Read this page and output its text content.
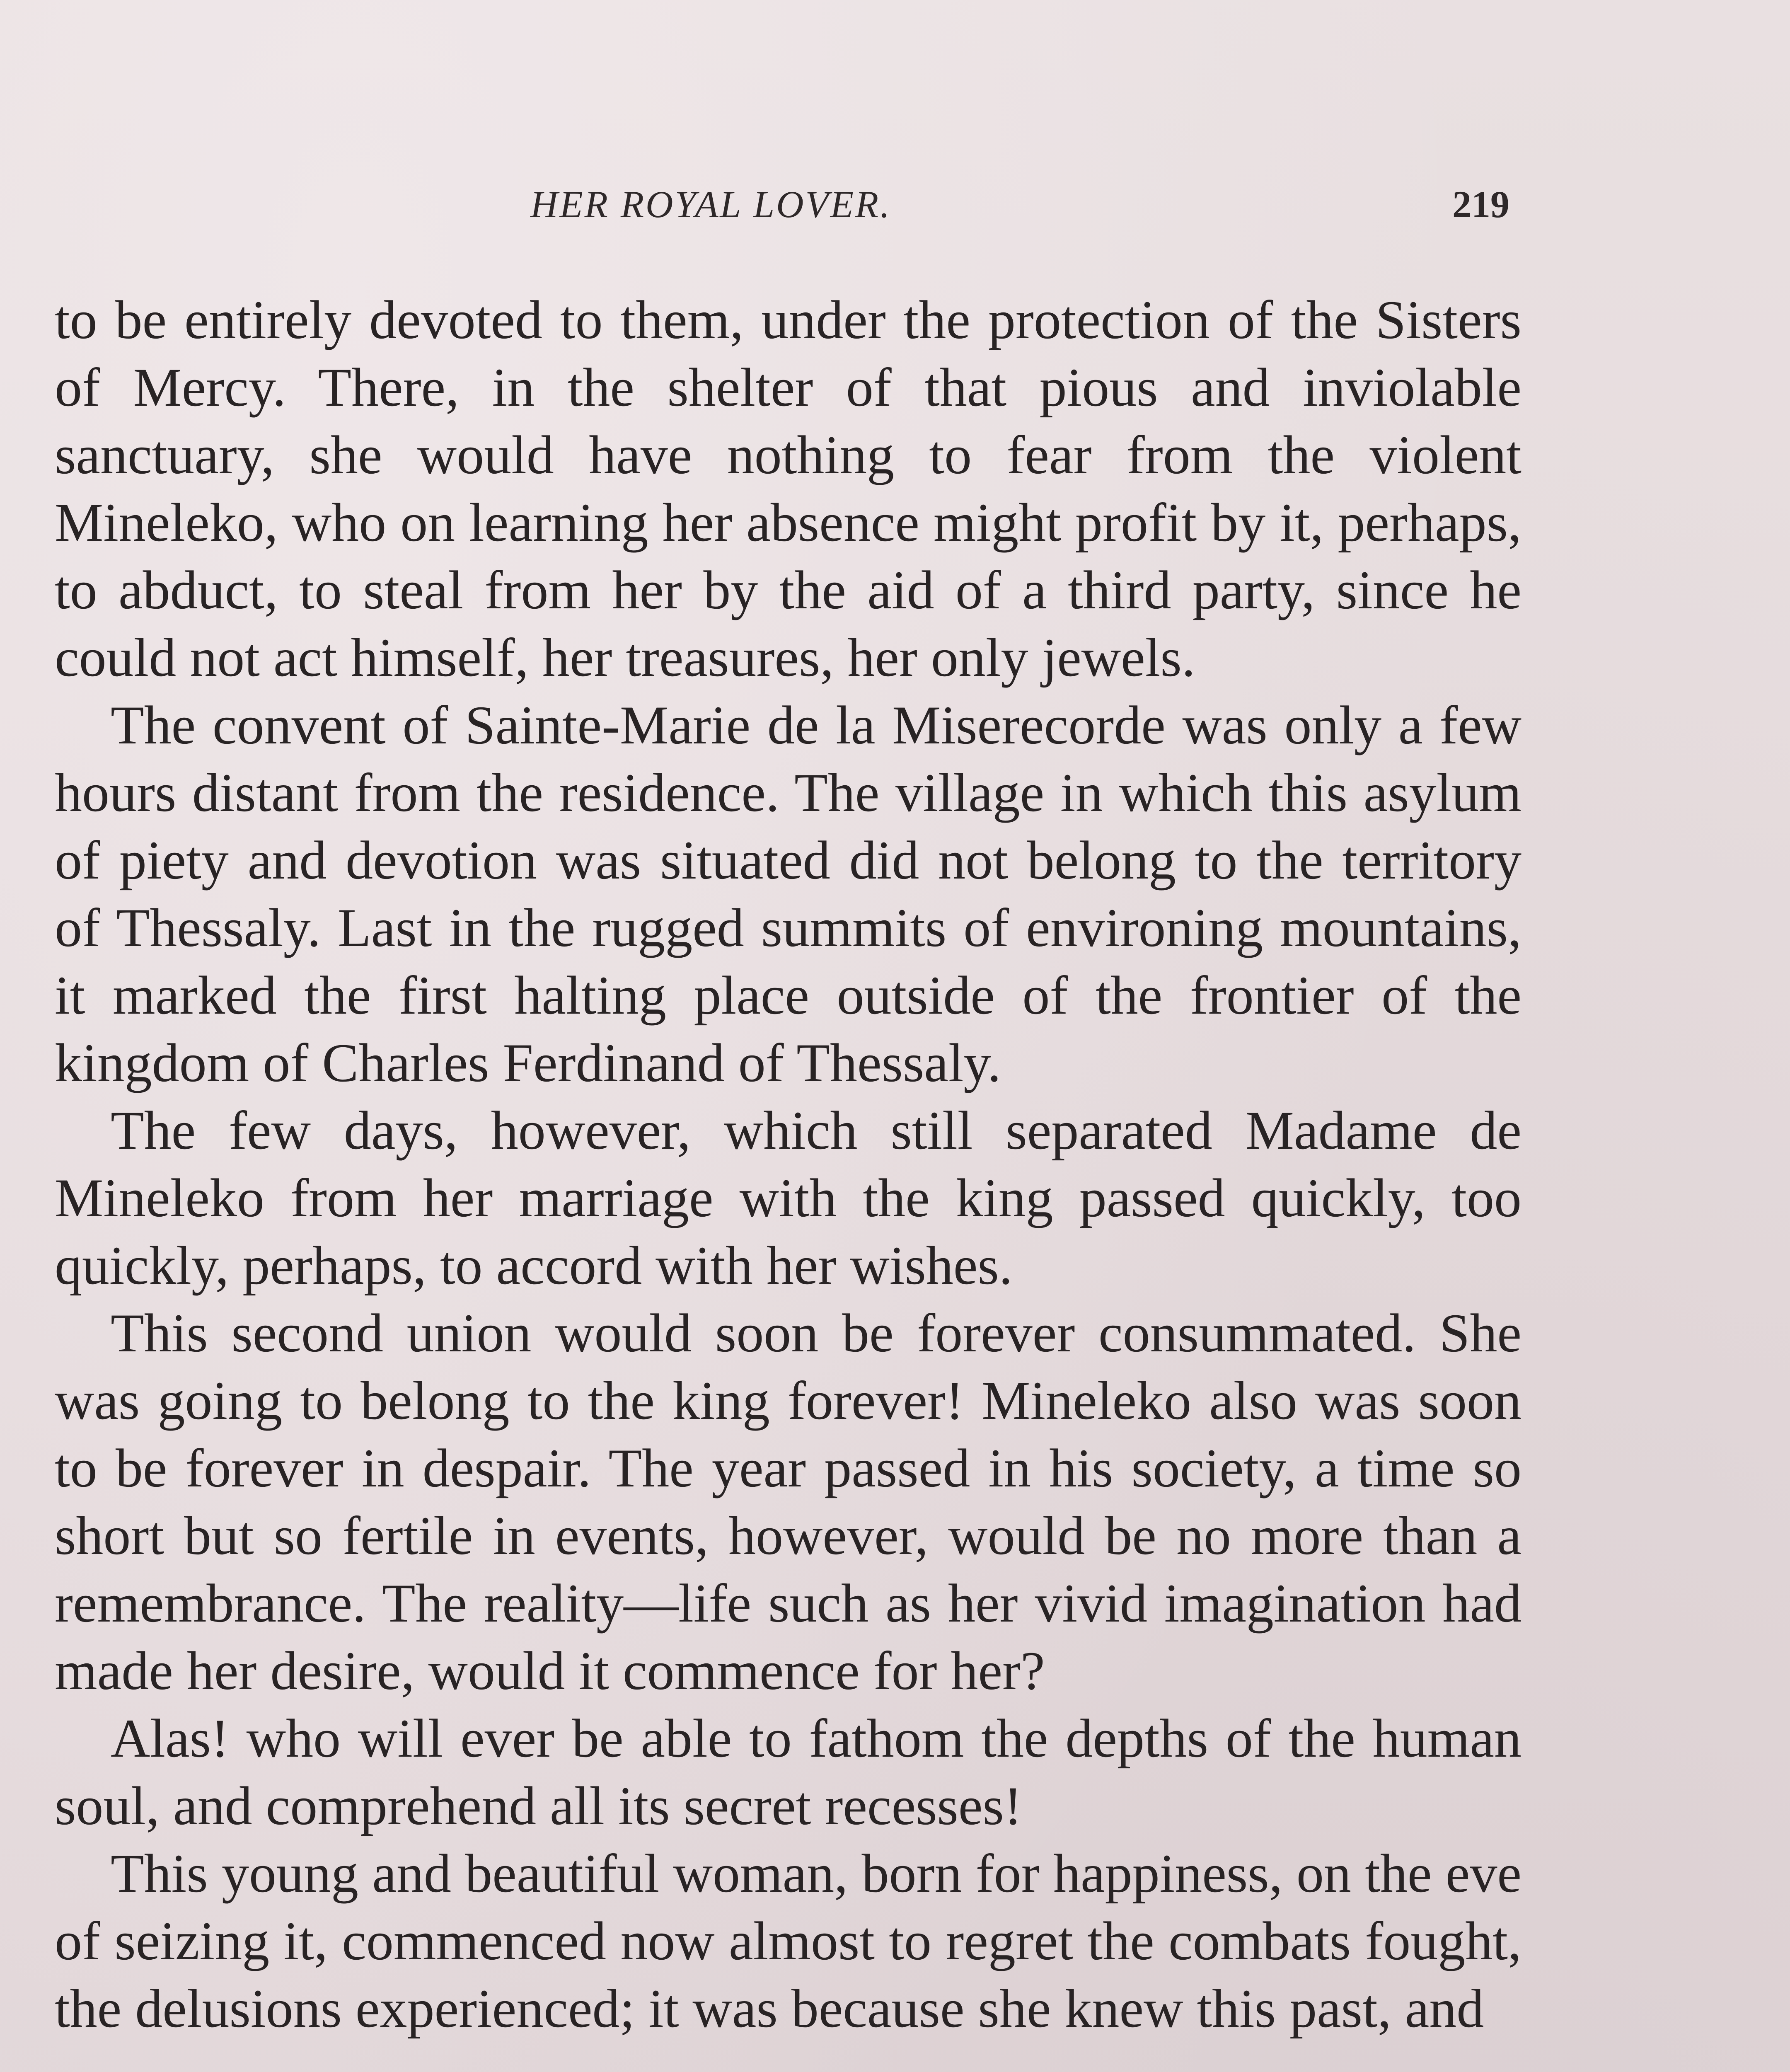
HER ROYAL LOVER.	219

to be entirely devoted to them, under the protection of the Sisters of Mercy. There, in the shelter of that pious and inviolable sanctuary, she would have nothing to fear from the violent Mineleko, who on learning her absence might profit by it, perhaps, to abduct, to steal from her by the aid of a third party, since he could not act himself, her treasures, her only jewels.

The convent of Sainte-Marie de la Miserecorde was only a few hours distant from the residence. The village in which this asylum of piety and devotion was situated did not belong to the territory of Thessaly. Last in the rugged summits of environing mountains, it marked the first halting place outside of the frontier of the kingdom of Charles Ferdinand of Thessaly.

The few days, however, which still separated Madame de Mineleko from her marriage with the king passed quickly, too quickly, perhaps, to accord with her wishes.

This second union would soon be forever consummated. She was going to belong to the king forever! Mineleko also was soon to be forever in despair. The year passed in his society, a time so short but so fertile in events, however, would be no more than a remembrance. The reality—life such as her vivid imagination had made her desire, would it commence for her?

Alas! who will ever be able to fathom the depths of the human soul, and comprehend all its secret recesses!

This young and beautiful woman, born for happiness, on the eve of seizing it, commenced now almost to regret the combats fought, the delusions experienced; it was because she knew this past, and
